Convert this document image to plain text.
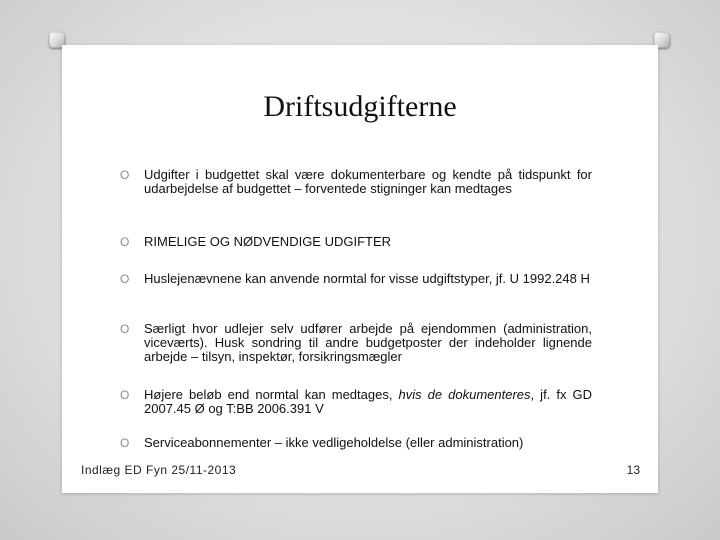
Driftsudgifterne
O Udgifter i budgettet skal være dokumenterbare og kendte på tidspunkt for udarbejdelse af budgettet – forventede stigninger kan medtages
O RIMELIGE OG NØDVENDIGE UDGIFTER
O Huslejenævnene kan anvende normtal for visse udgiftstyper, jf. U 1992.248 H
O Særligt hvor udlejer selv udfører arbejde på ejendommen (administration, viceværts). Husk sondring til andre budgetposter der indeholder lignende arbejde – tilsyn, inspektør, forsikringsmægler
O Højere beløb end normtal kan medtages, hvis de dokumenteres, jf. fx GD 2007.45 Ø og T:BB 2006.391 V
O Serviceabonnementer – ikke vedligeholdelse (eller administration)
Indlæg ED Fyn 25/11-2013	13
